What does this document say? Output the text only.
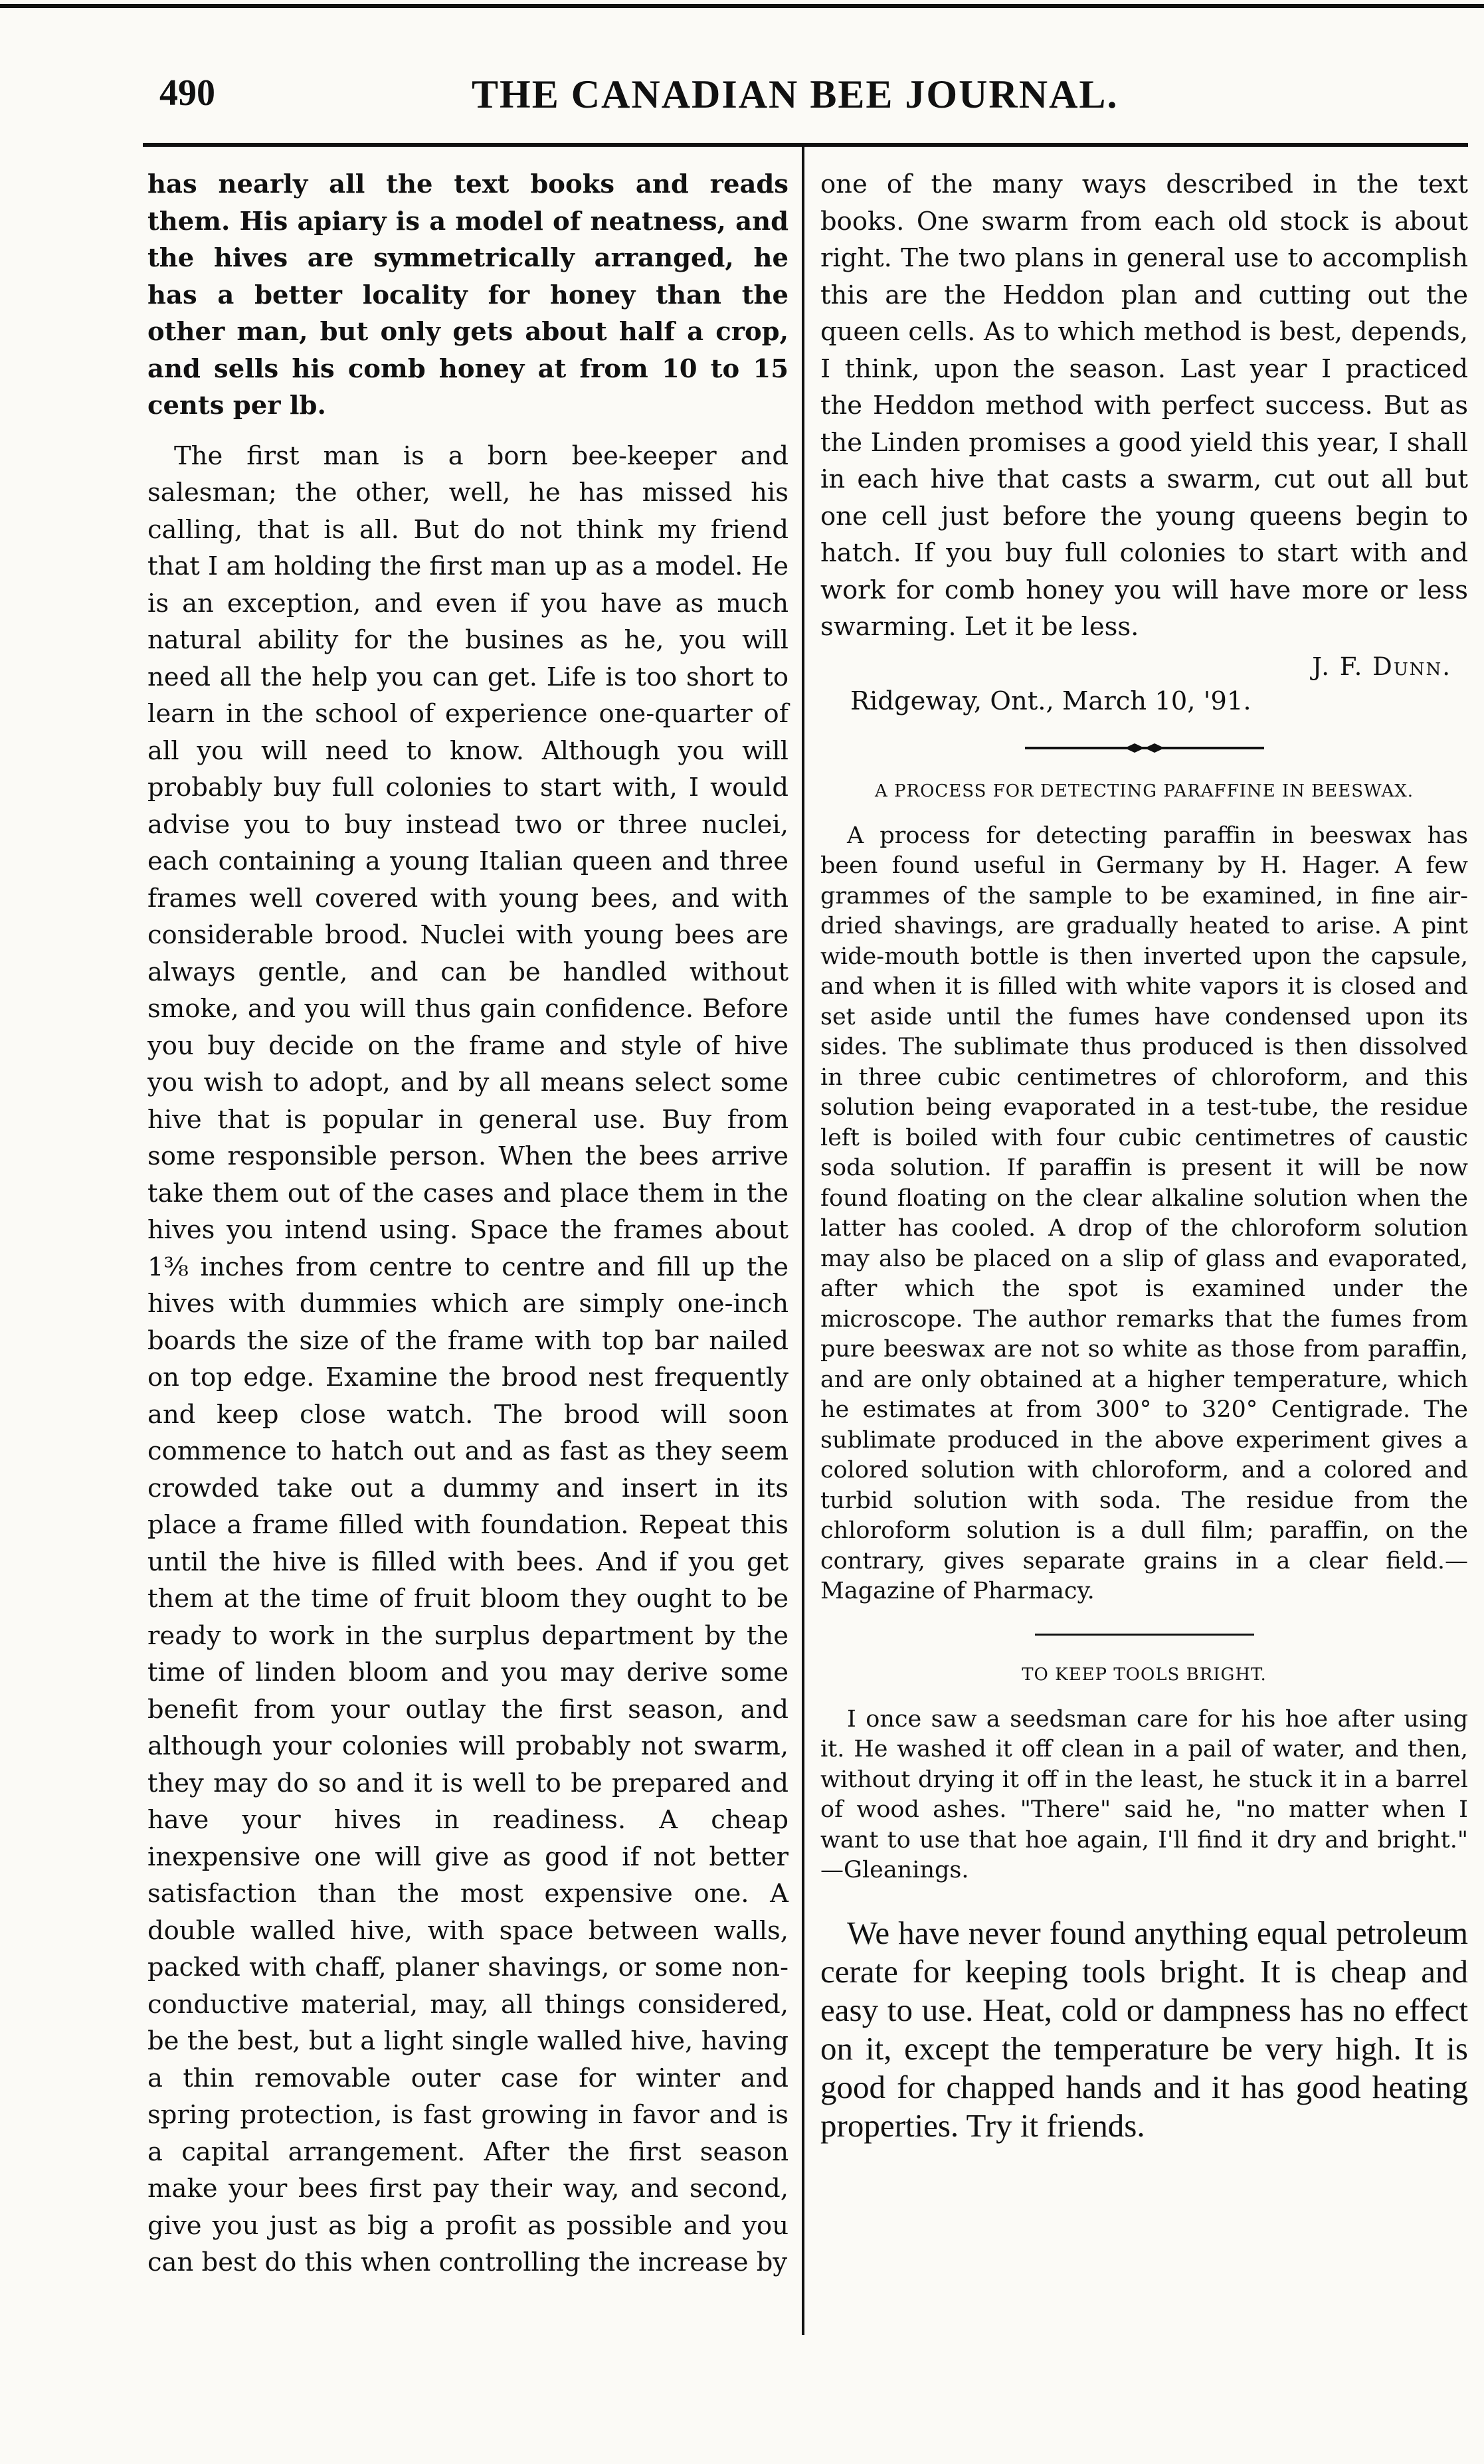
490	THE CANADIAN BEE JOURNAL.

has nearly all the text books and reads them. His apiary is a model of neatness, and the hives are symmetrically arranged, he has a better locality for honey than the other man, but only gets about half a crop, and sells his comb honey at from 10 to 15 cents per lb.

The first man is a born bee-keeper and salesman; the other, well, he has missed his calling, that is all. But do not think my friend that I am holding the first man up as a model. He is an exception, and even if you have as much natural ability for the busines as he, you will need all the help you can get. Life is too short to learn in the school of experience one-quarter of all you will need to know. Although you will probably buy full colonies to start with, I would advise you to buy instead two or three nuclei, each containing a young Italian queen and three frames well covered with young bees, and with considerable brood. Nuclei with young bees are always gentle, and can be handled without smoke, and you will thus gain confidence. Before you buy decide on the frame and style of hive you wish to adopt, and by all means select some hive that is popular in general use. Buy from some responsible person. When the bees arrive take them out of the cases and place them in the hives you intend using. Space the frames about 1⅜ inches from centre to centre and fill up the hives with dummies which are simply one-inch boards the size of the frame with top bar nailed on top edge. Examine the brood nest frequently and keep close watch. The brood will soon commence to hatch out and as fast as they seem crowded take out a dummy and insert in its place a frame filled with foundation. Repeat this until the hive is filled with bees. And if you get them at the time of fruit bloom they ought to be ready to work in the surplus department by the time of linden bloom and you may derive some benefit from your outlay the first season, and although your colonies will probably not swarm, they may do so and it is well to be prepared and have your hives in readiness. A cheap inexpensive one will give as good if not better satisfaction than the most expensive one. A double walled hive, with space between walls, packed with chaff, planer shavings, or some non-conductive material, may, all things considered, be the best, but a light single walled hive, having a thin removable outer case for winter and spring protection, is fast growing in favor and is a capital arrangement. After the first season make your bees first pay their way, and second, give you just as big a profit as possible and you can best do this when controlling the increase by

one of the many ways described in the text books. One swarm from each old stock is about right. The two plans in general use to accomplish this are the Heddon plan and cutting out the queen cells. As to which method is best, depends, I think, upon the season. Last year I practiced the Heddon method with perfect success. But as the Linden promises a good yield this year, I shall in each hive that casts a swarm, cut out all but one cell just before the young queens begin to hatch. If you buy full colonies to start with and work for comb honey you will have more or less swarming. Let it be less.

J. F. Dunn.
Ridgeway, Ont., March 10, '91.
A PROCESS FOR DETECTING PARAFFINE IN BEESWAX.

A process for detecting paraffin in beeswax has been found useful in Germany by H. Hager. A few grammes of the sample to be examined, in fine air-dried shavings, are gradually heated to arise. A pint wide-mouth bottle is then inverted upon the capsule, and when it is filled with white vapors it is closed and set aside until the fumes have condensed upon its sides. The sublimate thus produced is then dissolved in three cubic centimetres of chloroform, and this solution being evaporated in a test-tube, the residue left is boiled with four cubic centimetres of caustic soda solution. If paraffin is present it will be now found floating on the clear alkaline solution when the latter has cooled. A drop of the chloroform solution may also be placed on a slip of glass and evaporated, after which the spot is examined under the microscope. The author remarks that the fumes from pure beeswax are not so white as those from paraffin, and are only obtained at a higher temperature, which he estimates at from 300° to 320° Centigrade. The sublimate produced in the above experiment gives a colored solution with chloroform, and a colored and turbid solution with soda. The residue from the chloroform solution is a dull film; paraffin, on the contrary, gives separate grains in a clear field.—Magazine of Pharmacy.

TO KEEP TOOLS BRIGHT.

I once saw a seedsman care for his hoe after using it. He washed it off clean in a pail of water, and then, without drying it off in the least, he stuck it in a barrel of wood ashes. "There" said he, "no matter when I want to use that hoe again, I'll find it dry and bright." —Gleanings.

We have never found anything equal petroleum cerate for keeping tools bright. It is cheap and easy to use. Heat, cold or dampness has no effect on it, except the temperature be very high. It is good for chapped hands and it has good heating properties. Try it friends.
